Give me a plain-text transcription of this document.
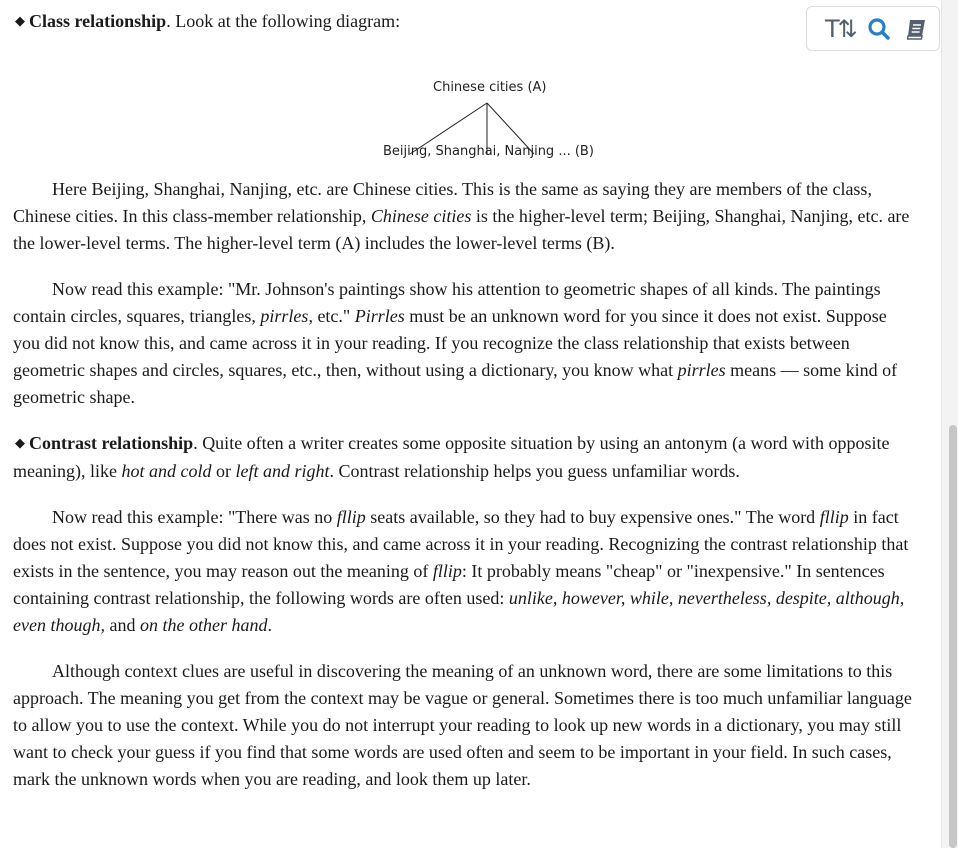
◆ Class relationship. Look at the following diagram:

Chinese cities (A)
Beijing, Shanghai, Nanjing ... (B)

Here Beijing, Shanghai, Nanjing, etc. are Chinese cities. This is the same as saying they are members of the class, Chinese cities. In this class-member relationship, Chinese cities is the higher-level term; Beijing, Shanghai, Nanjing, etc. are the lower-level terms. The higher-level term (A) includes the lower-level terms (B).

Now read this example: "Mr. Johnson's paintings show his attention to geometric shapes of all kinds. The paintings contain circles, squares, triangles, pirrles, etc." Pirrles must be an unknown word for you since it does not exist. Suppose you did not know this, and came across it in your reading. If you recognize the class relationship that exists between geometric shapes and circles, squares, etc., then, without using a dictionary, you know what pirrles means — some kind of geometric shape.

◆ Contrast relationship. Quite often a writer creates some opposite situation by using an antonym (a word with opposite meaning), like hot and cold or left and right. Contrast relationship helps you guess unfamiliar words.

Now read this example: "There was no fllip seats available, so they had to buy expensive ones." The word fllip in fact does not exist. Suppose you did not know this, and came across it in your reading. Recognizing the contrast relationship that exists in the sentence, you may reason out the meaning of fllip: It probably means "cheap" or "inexpensive." In sentences containing contrast relationship, the following words are often used: unlike, however, while, nevertheless, despite, although, even though, and on the other hand.

Although context clues are useful in discovering the meaning of an unknown word, there are some limitations to this approach. The meaning you get from the context may be vague or general. Sometimes there is too much unfamiliar language to allow you to use the context. While you do not interrupt your reading to look up new words in a dictionary, you may still want to check your guess if you find that some words are used often and seem to be important in your field. In such cases, mark the unknown words when you are reading, and look them up later.

T⇅
